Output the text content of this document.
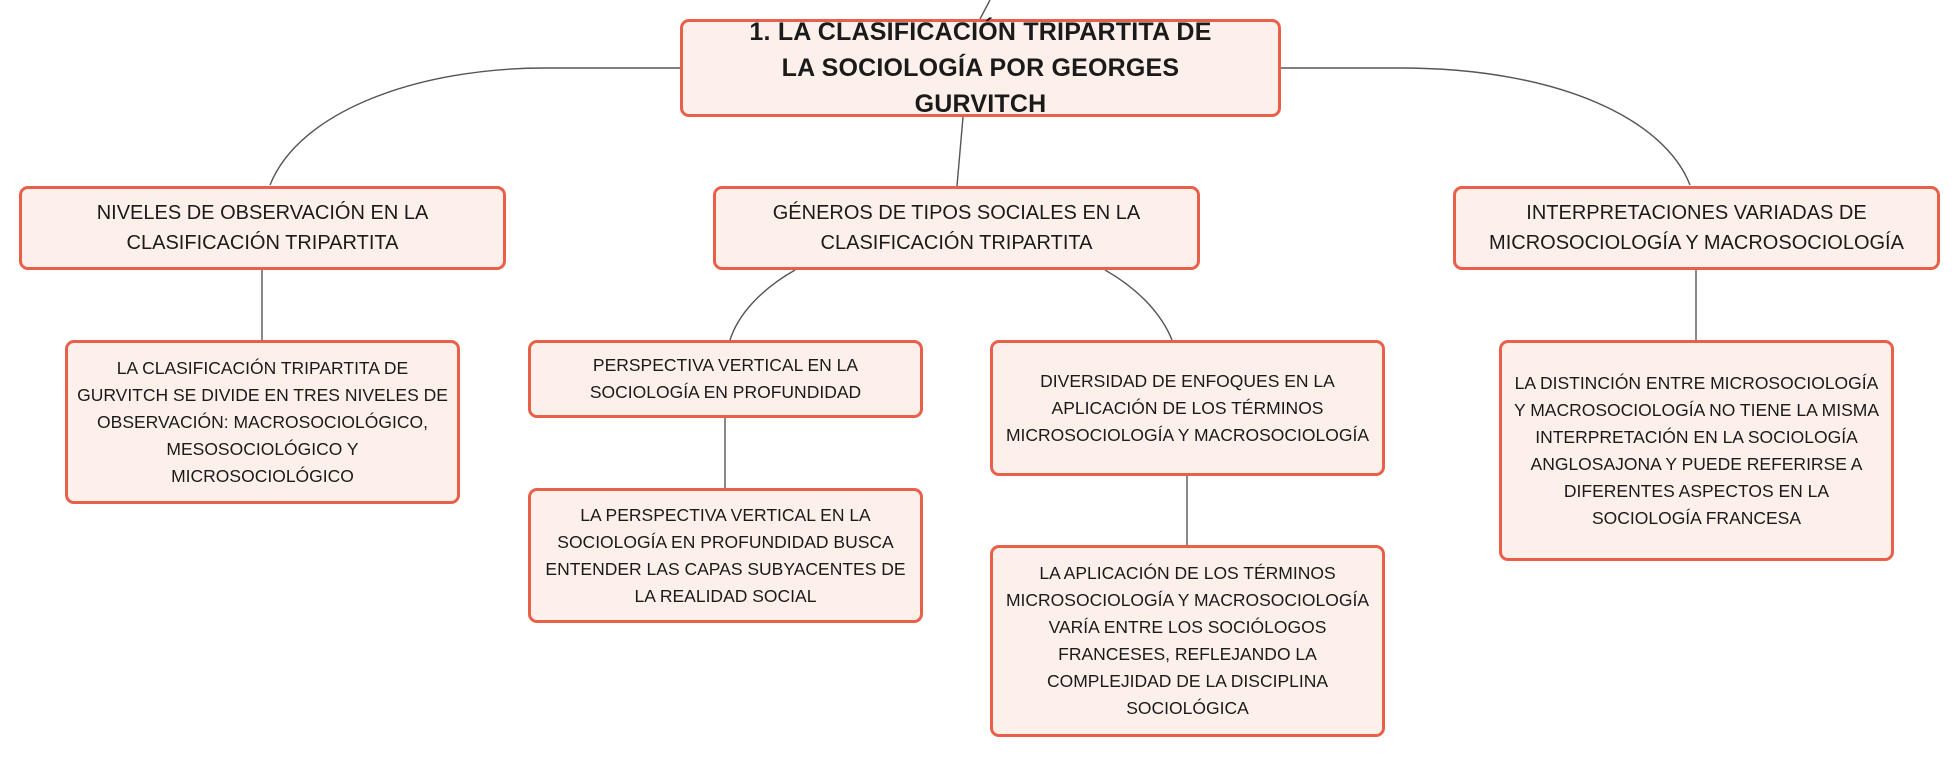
1. LA CLASIFICACIÓN TRIPARTITA DE LA SOCIOLOGÍA POR GEORGES GURVITCH
NIVELES DE OBSERVACIÓN EN LA CLASIFICACIÓN TRIPARTITA
LA CLASIFICACIÓN TRIPARTITA DE GURVITCH SE DIVIDE EN TRES NIVELES DE OBSERVACIÓN: MACROSOCIOLÓGICO, MESOSOCIOLÓGICO Y MICROSOCIOLÓGICO
GÉNEROS DE TIPOS SOCIALES EN LA CLASIFICACIÓN TRIPARTITA
PERSPECTIVA VERTICAL EN LA SOCIOLOGÍA EN PROFUNDIDAD
LA PERSPECTIVA VERTICAL EN LA SOCIOLOGÍA EN PROFUNDIDAD BUSCA ENTENDER LAS CAPAS SUBYACENTES DE LA REALIDAD SOCIAL
DIVERSIDAD DE ENFOQUES EN LA APLICACIÓN DE LOS TÉRMINOS MICROSOCIOLOGÍA Y MACROSOCIOLOGÍA
LA APLICACIÓN DE LOS TÉRMINOS MICROSOCIOLOGÍA Y MACROSOCIOLOGÍA VARÍA ENTRE LOS SOCIÓLOGOS FRANCESES, REFLEJANDO LA COMPLEJIDAD DE LA DISCIPLINA SOCIOLÓGICA
INTERPRETACIONES VARIADAS DE MICROSOCIOLOGÍA Y MACROSOCIOLOGÍA
LA DISTINCIÓN ENTRE MICROSOCIOLOGÍA Y MACROSOCIOLOGÍA NO TIENE LA MISMA INTERPRETACIÓN EN LA SOCIOLOGÍA ANGLOSAJONA Y PUEDE REFERIRSE A DIFERENTES ASPECTOS EN LA SOCIOLOGÍA FRANCESA
